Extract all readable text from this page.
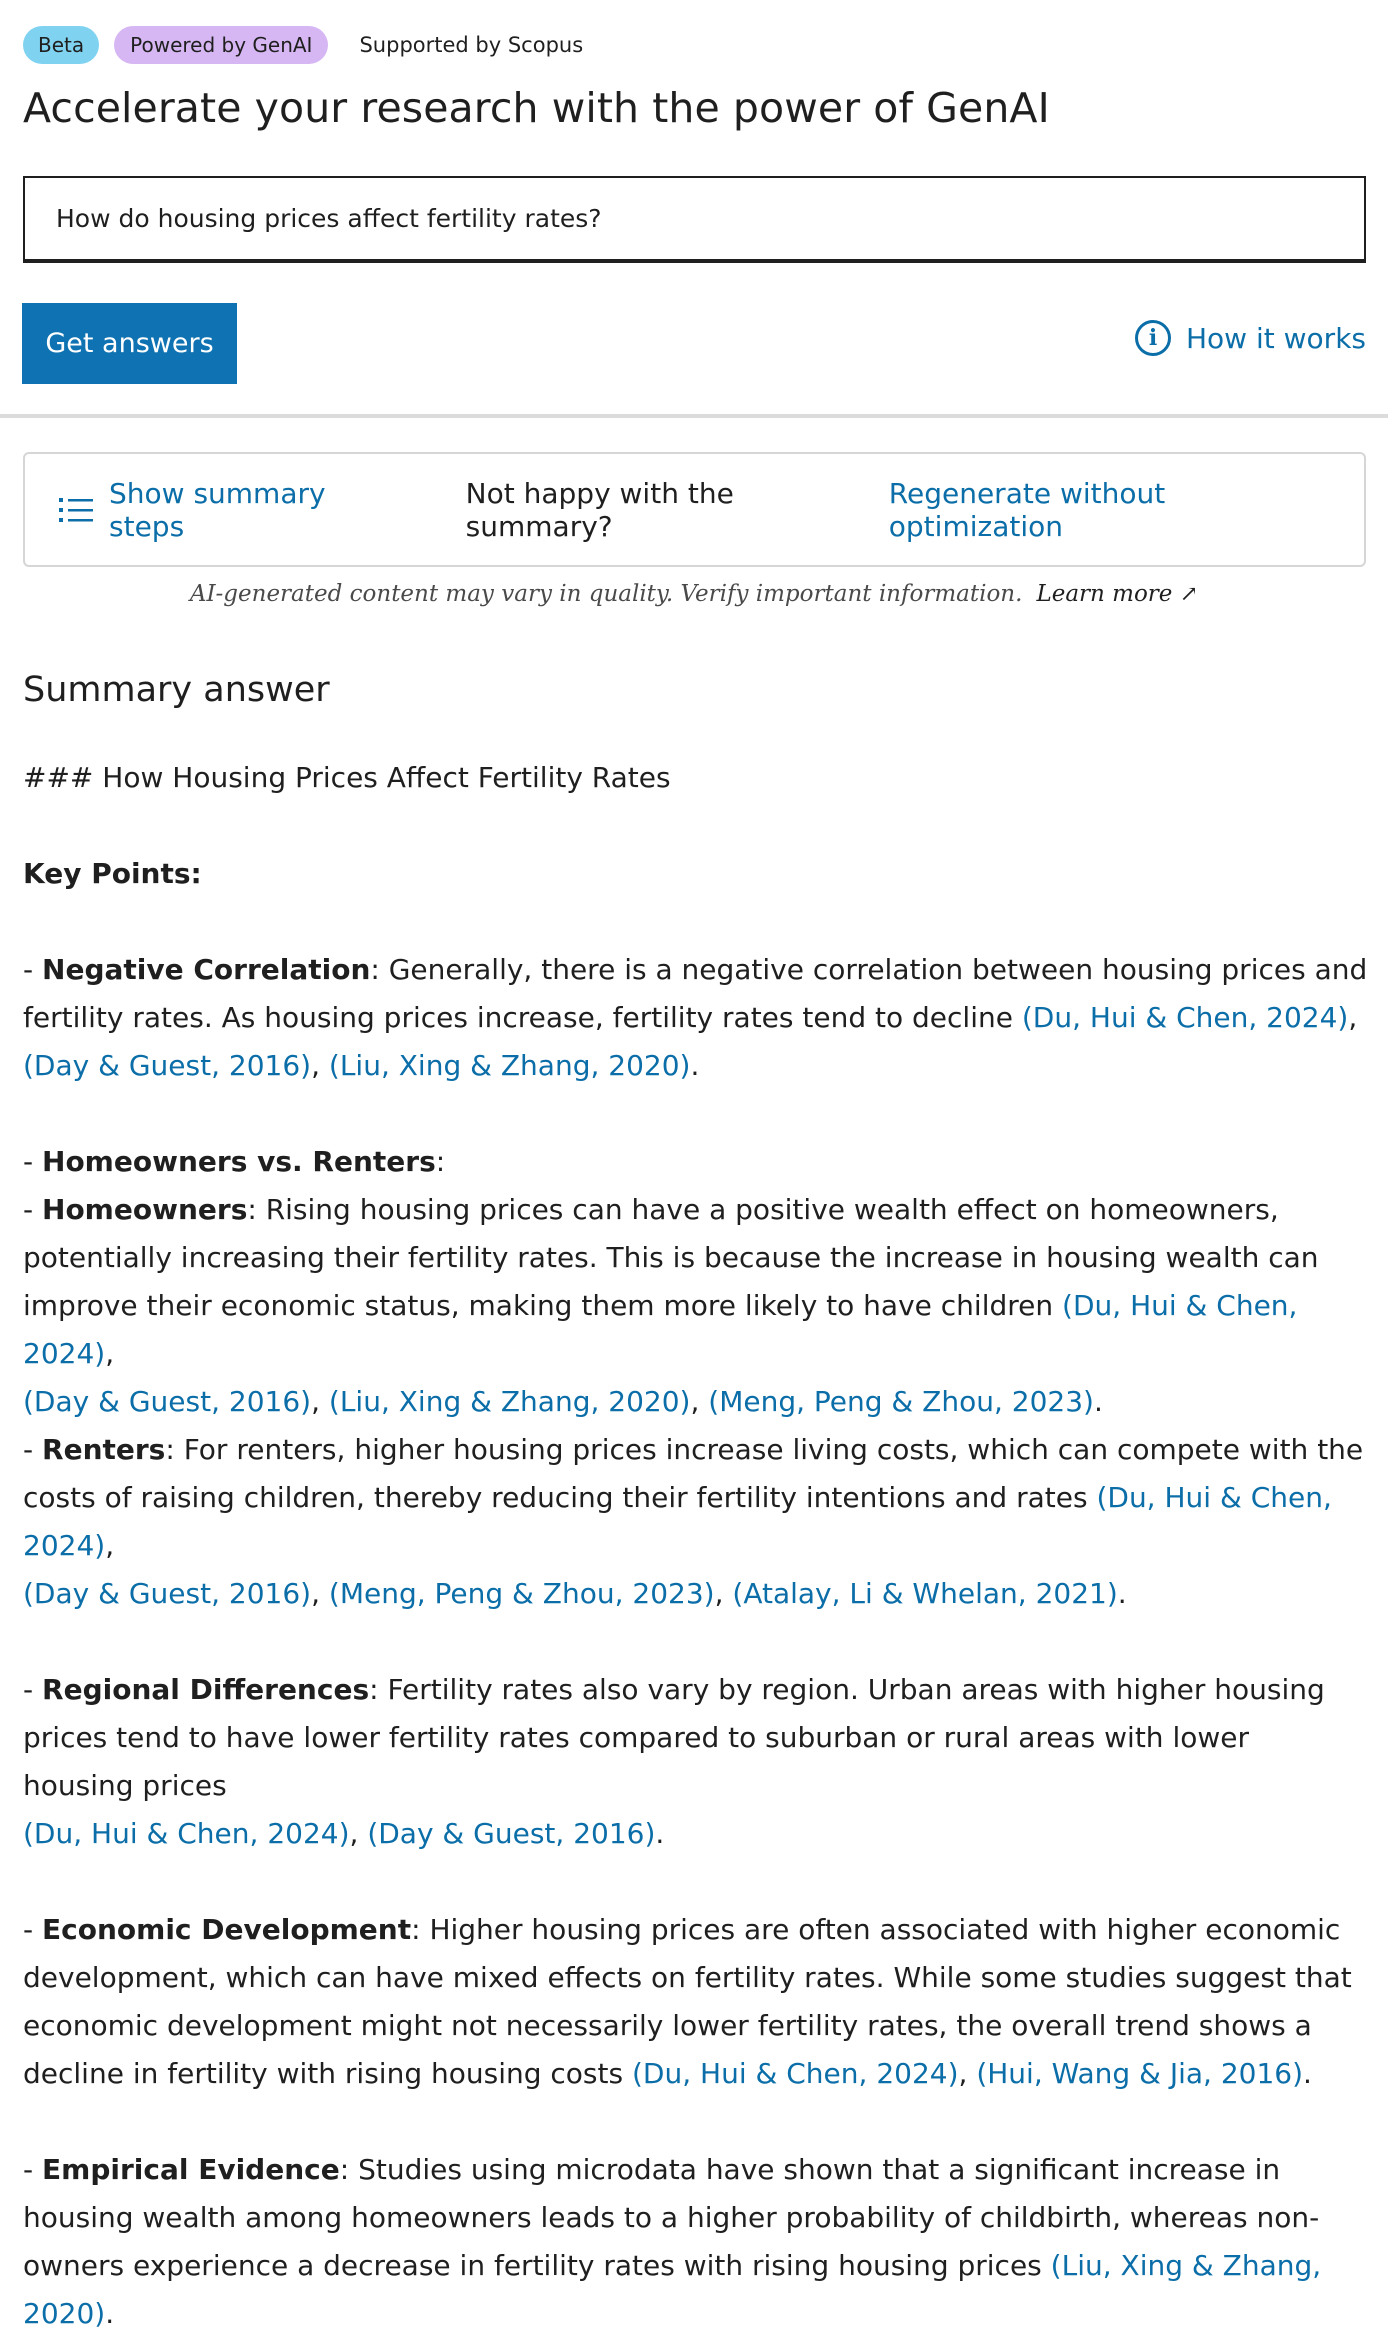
Beta	Powered by GenAI	Supported by Scopus
Accelerate your research with the power of GenAI
How do housing prices affect fertility rates?
Get answers	i	How it works
Show summary steps
Not happy with the summary?
Regenerate without optimization
AI-generated content may vary in quality. Verify important information. Learn more ↗
Summary answer

### How Housing Prices Affect Fertility Rates

Key Points:

- Negative Correlation: Generally, there is a negative correlation between housing prices and fertility rates. As housing prices increase, fertility rates tend to decline (Du, Hui & Chen, 2024),
(Day & Guest, 2016), (Liu, Xing & Zhang, 2020).

- Homeowners vs. Renters:

- Homeowners: Rising housing prices can have a positive wealth effect on homeowners, potentially increasing their fertility rates. This is because the increase in housing wealth can improve their economic status, making them more likely to have children (Du, Hui & Chen, 2024),
(Day & Guest, 2016), (Liu, Xing & Zhang, 2020), (Meng, Peng & Zhou, 2023).

- Renters: For renters, higher housing prices increase living costs, which can compete with the costs of raising children, thereby reducing their fertility intentions and rates (Du, Hui & Chen, 2024),
(Day & Guest, 2016), (Meng, Peng & Zhou, 2023), (Atalay, Li & Whelan, 2021).

- Regional Differences: Fertility rates also vary by region. Urban areas with higher housing prices tend to have lower fertility rates compared to suburban or rural areas with lower housing prices
(Du, Hui & Chen, 2024), (Day & Guest, 2016).

- Economic Development: Higher housing prices are often associated with higher economic development, which can have mixed effects on fertility rates. While some studies suggest that economic development might not necessarily lower fertility rates, the overall trend shows a decline in fertility with rising housing costs (Du, Hui & Chen, 2024), (Hui, Wang & Jia, 2016).

- Empirical Evidence: Studies using microdata have shown that a significant increase in housing wealth among homeowners leads to a higher probability of childbirth, whereas non-owners experience a decrease in fertility rates with rising housing prices (Liu, Xing & Zhang, 2020).
